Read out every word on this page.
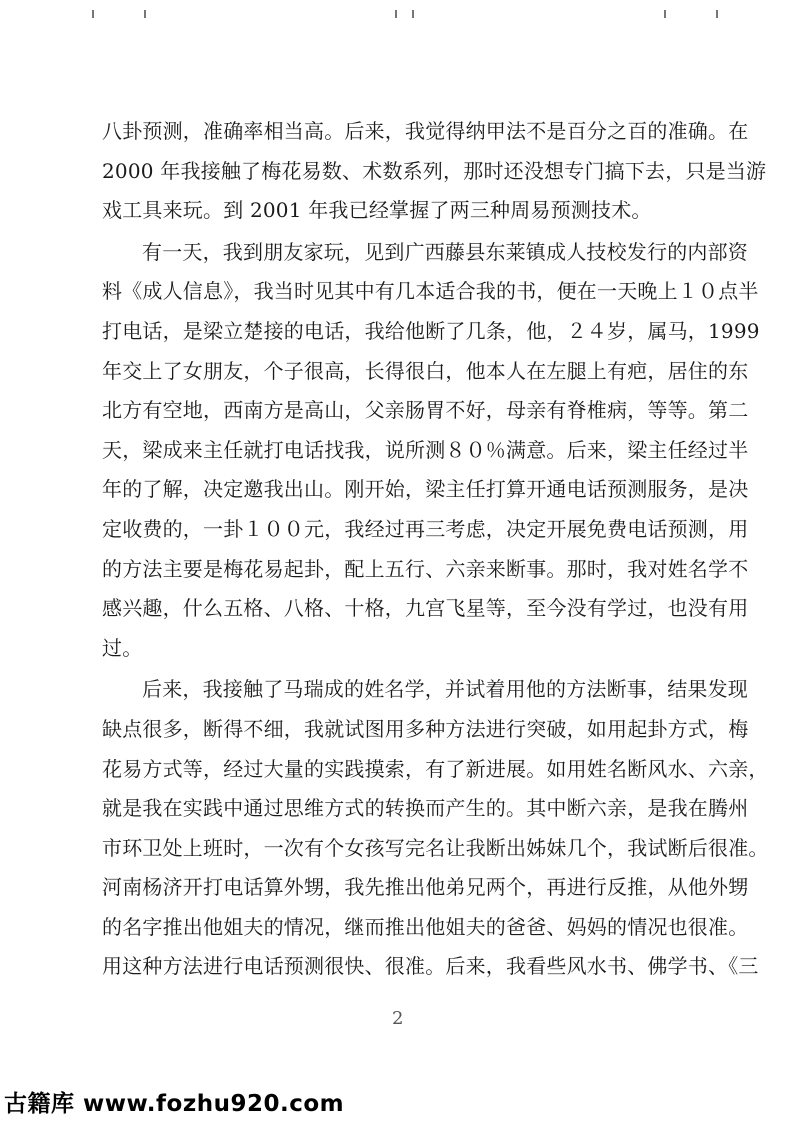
八卦预测，准确率相当高。后来，我觉得纳甲法不是百分之百的准确。在
2000 年我接触了梅花易数、术数系列，那时还没想专门搞下去，只是当游
戏工具来玩。到 2001 年我已经掌握了两三种周易预测技术。
有一天，我到朋友家玩，见到广西藤县东莱镇成人技校发行的内部资
料《成人信息》，我当时见其中有几本适合我的书，便在一天晚上１０点半
打电话，是梁立楚接的电话，我给他断了几条，他，２４岁，属马，1999
年交上了女朋友，个子很高，长得很白，他本人在左腿上有疤，居住的东
北方有空地，西南方是高山，父亲肠胃不好，母亲有脊椎病，等等。第二
天，梁成来主任就打电话找我，说所测８０％满意。后来，梁主任经过半
年的了解，决定邀我出山。刚开始，梁主任打算开通电话预测服务，是决
定收费的，一卦１００元，我经过再三考虑，决定开展免费电话预测，用
的方法主要是梅花易起卦，配上五行、六亲来断事。那时，我对姓名学不
感兴趣，什么五格、八格、十格，九宫飞星等，至今没有学过，也没有用
过。
后来，我接触了马瑞成的姓名学，并试着用他的方法断事，结果发现
缺点很多，断得不细，我就试图用多种方法进行突破，如用起卦方式，梅
花易方式等，经过大量的实践摸索，有了新进展。如用姓名断风水、六亲，
就是我在实践中通过思维方式的转换而产生的。其中断六亲，是我在腾州
市环卫处上班时，一次有个女孩写完名让我断出姊妹几个，我试断后很准。
河南杨济开打电话算外甥，我先推出他弟兄两个，再进行反推，从他外甥
的名字推出他姐夫的情况，继而推出他姐夫的爸爸、妈妈的情况也很准。
用这种方法进行电话预测很快、很准。后来，我看些风水书、佛学书、《三
2
古籍库 www.fozhu920.com
